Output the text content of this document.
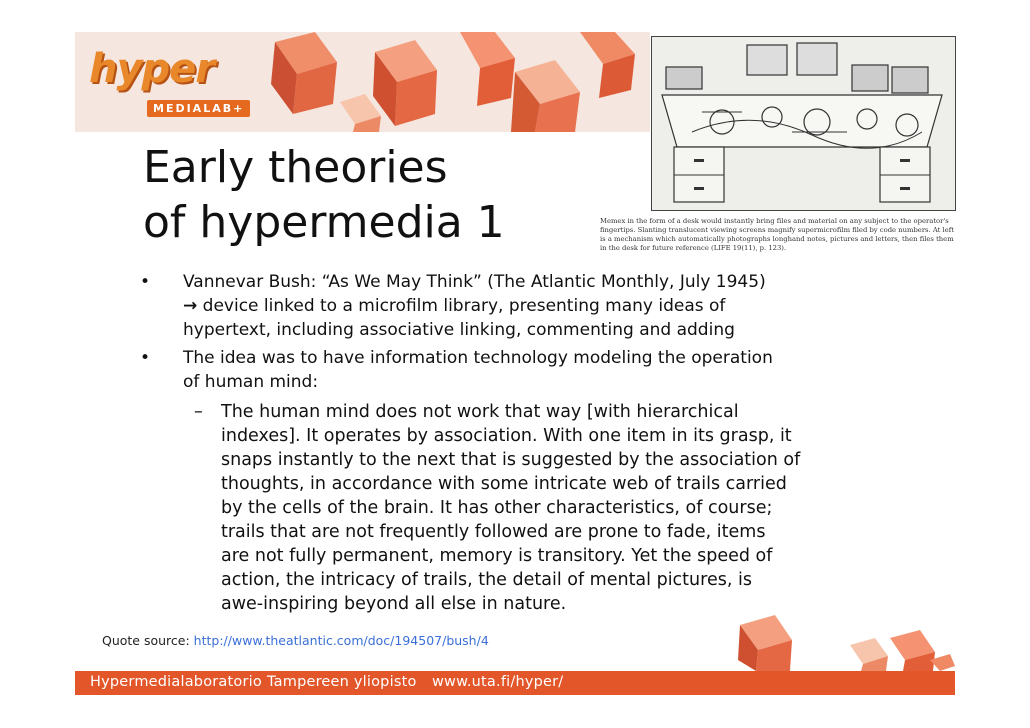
hyper
MEDIALAB+
Memex in the form of a desk would instantly bring files and material on any subject to the operator's fingertips. Slanting translucent viewing screens magnify supermicrofilm filed by code numbers. At left is a mechanism which automatically photographs longhand notes, pictures and letters, then files them in the desk for future reference (LIFE 19(11), p. 123).
Early theories
of hypermedia 1
• Vannevar Bush: “As We May Think” (The Atlantic Monthly, July 1945)
→ device linked to a microfilm library, presenting many ideas of
hypertext, including associative linking, commenting and adding
• The idea was to have information technology modeling the operation
of human mind:
– The human mind does not work that way [with hierarchical
indexes]. It operates by association. With one item in its grasp, it
snaps instantly to the next that is suggested by the association of
thoughts, in accordance with some intricate web of trails carried
by the cells of the brain. It has other characteristics, of course;
trails that are not frequently followed are prone to fade, items
are not fully permanent, memory is transitory. Yet the speed of
action, the intricacy of trails, the detail of mental pictures, is
awe-inspiring beyond all else in nature.
Quote source: http://www.theatlantic.com/doc/194507/bush/4
Hypermedialaboratorio Tampereen yliopisto www.uta.fi/hyper/
